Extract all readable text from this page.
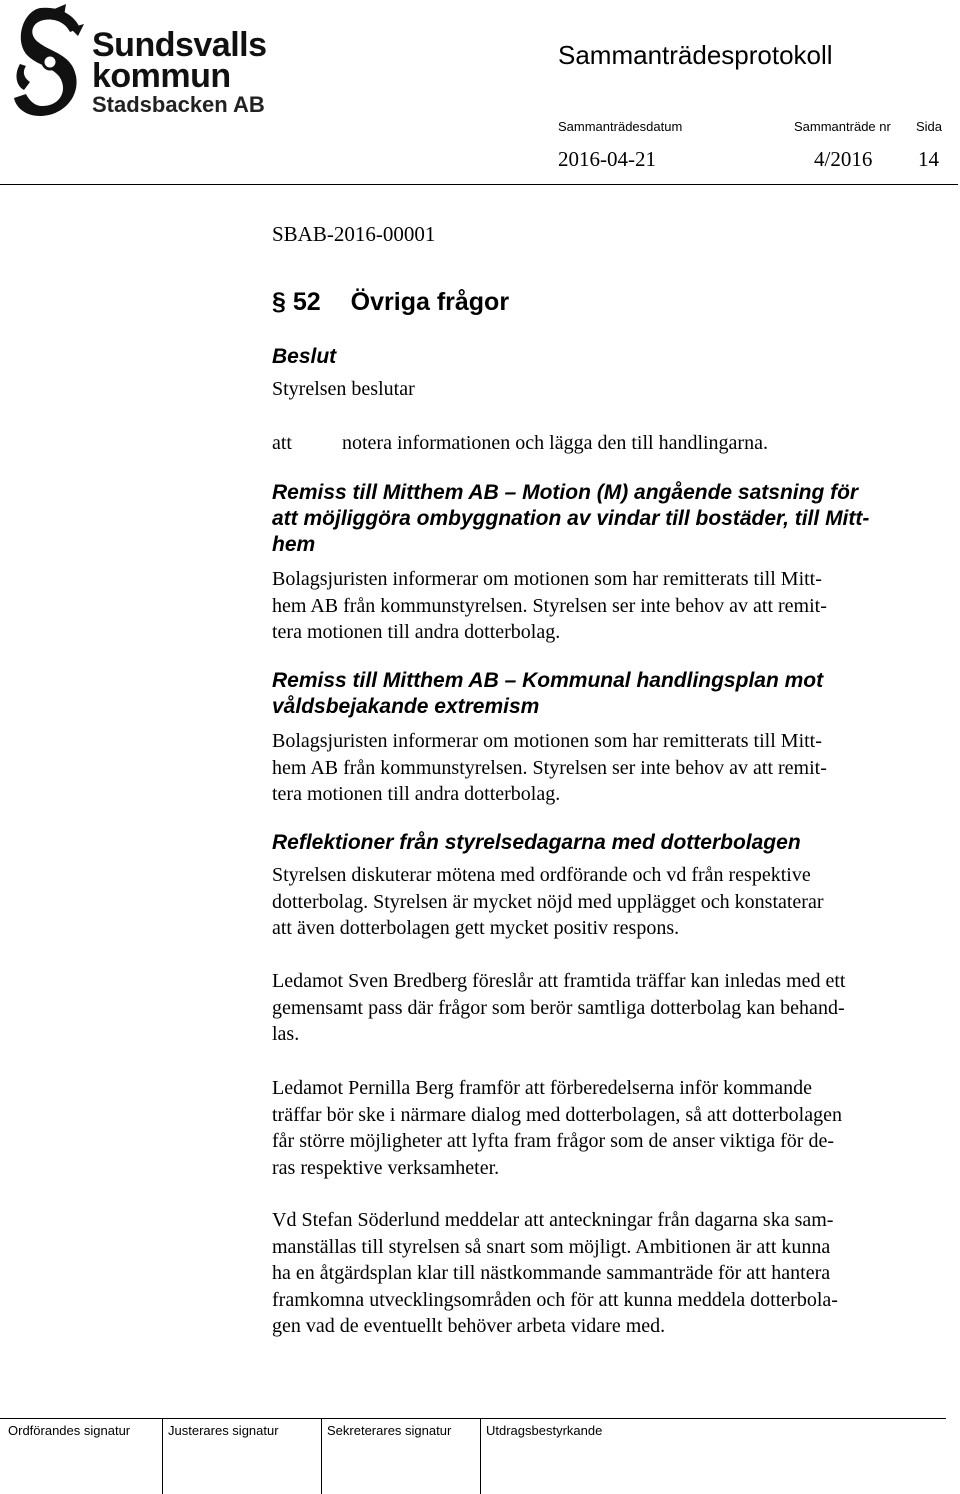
Sundsvalls
kommun
Stadsbacken AB
Sammanträdesprotokoll
Sammanträdesdatum	Sammanträde nr Sida
2016-04-21	4/2016 14
SBAB-2016-00001
§ 52 Övriga frågor
Beslut
Styrelsen beslutar
att	notera informationen och lägga den till handlingarna.
Remiss till Mitthem AB – Motion (M) angående satsning för
att möjliggöra ombyggnation av vindar till bostäder, till Mitt-
hem
Bolagsjuristen informerar om motionen som har remitterats till Mitt-
hem AB från kommunstyrelsen. Styrelsen ser inte behov av att remit-
tera motionen till andra dotterbolag.
Remiss till Mitthem AB – Kommunal handlingsplan mot
våldsbejakande extremism
Bolagsjuristen informerar om motionen som har remitterats till Mitt-
hem AB från kommunstyrelsen. Styrelsen ser inte behov av att remit-
tera motionen till andra dotterbolag.
Reflektioner från styrelsedagarna med dotterbolagen
Styrelsen diskuterar mötena med ordförande och vd från respektive
dotterbolag. Styrelsen är mycket nöjd med upplägget och konstaterar
att även dotterbolagen gett mycket positiv respons.
Ledamot Sven Bredberg föreslår att framtida träffar kan inledas med ett
gemensamt pass där frågor som berör samtliga dotterbolag kan behand-
las.
Ledamot Pernilla Berg framför att förberedelserna inför kommande
träffar bör ske i närmare dialog med dotterbolagen, så att dotterbolagen
får större möjligheter att lyfta fram frågor som de anser viktiga för de-
ras respektive verksamheter.
Vd Stefan Söderlund meddelar att anteckningar från dagarna ska sam-
manställas till styrelsen så snart som möjligt. Ambitionen är att kunna
ha en åtgärdsplan klar till nästkommande sammanträde för att hantera
framkomna utvecklingsområden och för att kunna meddela dotterbola-
gen vad de eventuellt behöver arbeta vidare med.
Ordförandes signatur	Justerares signatur	Sekreterares signatur	Utdragsbestyrkande
